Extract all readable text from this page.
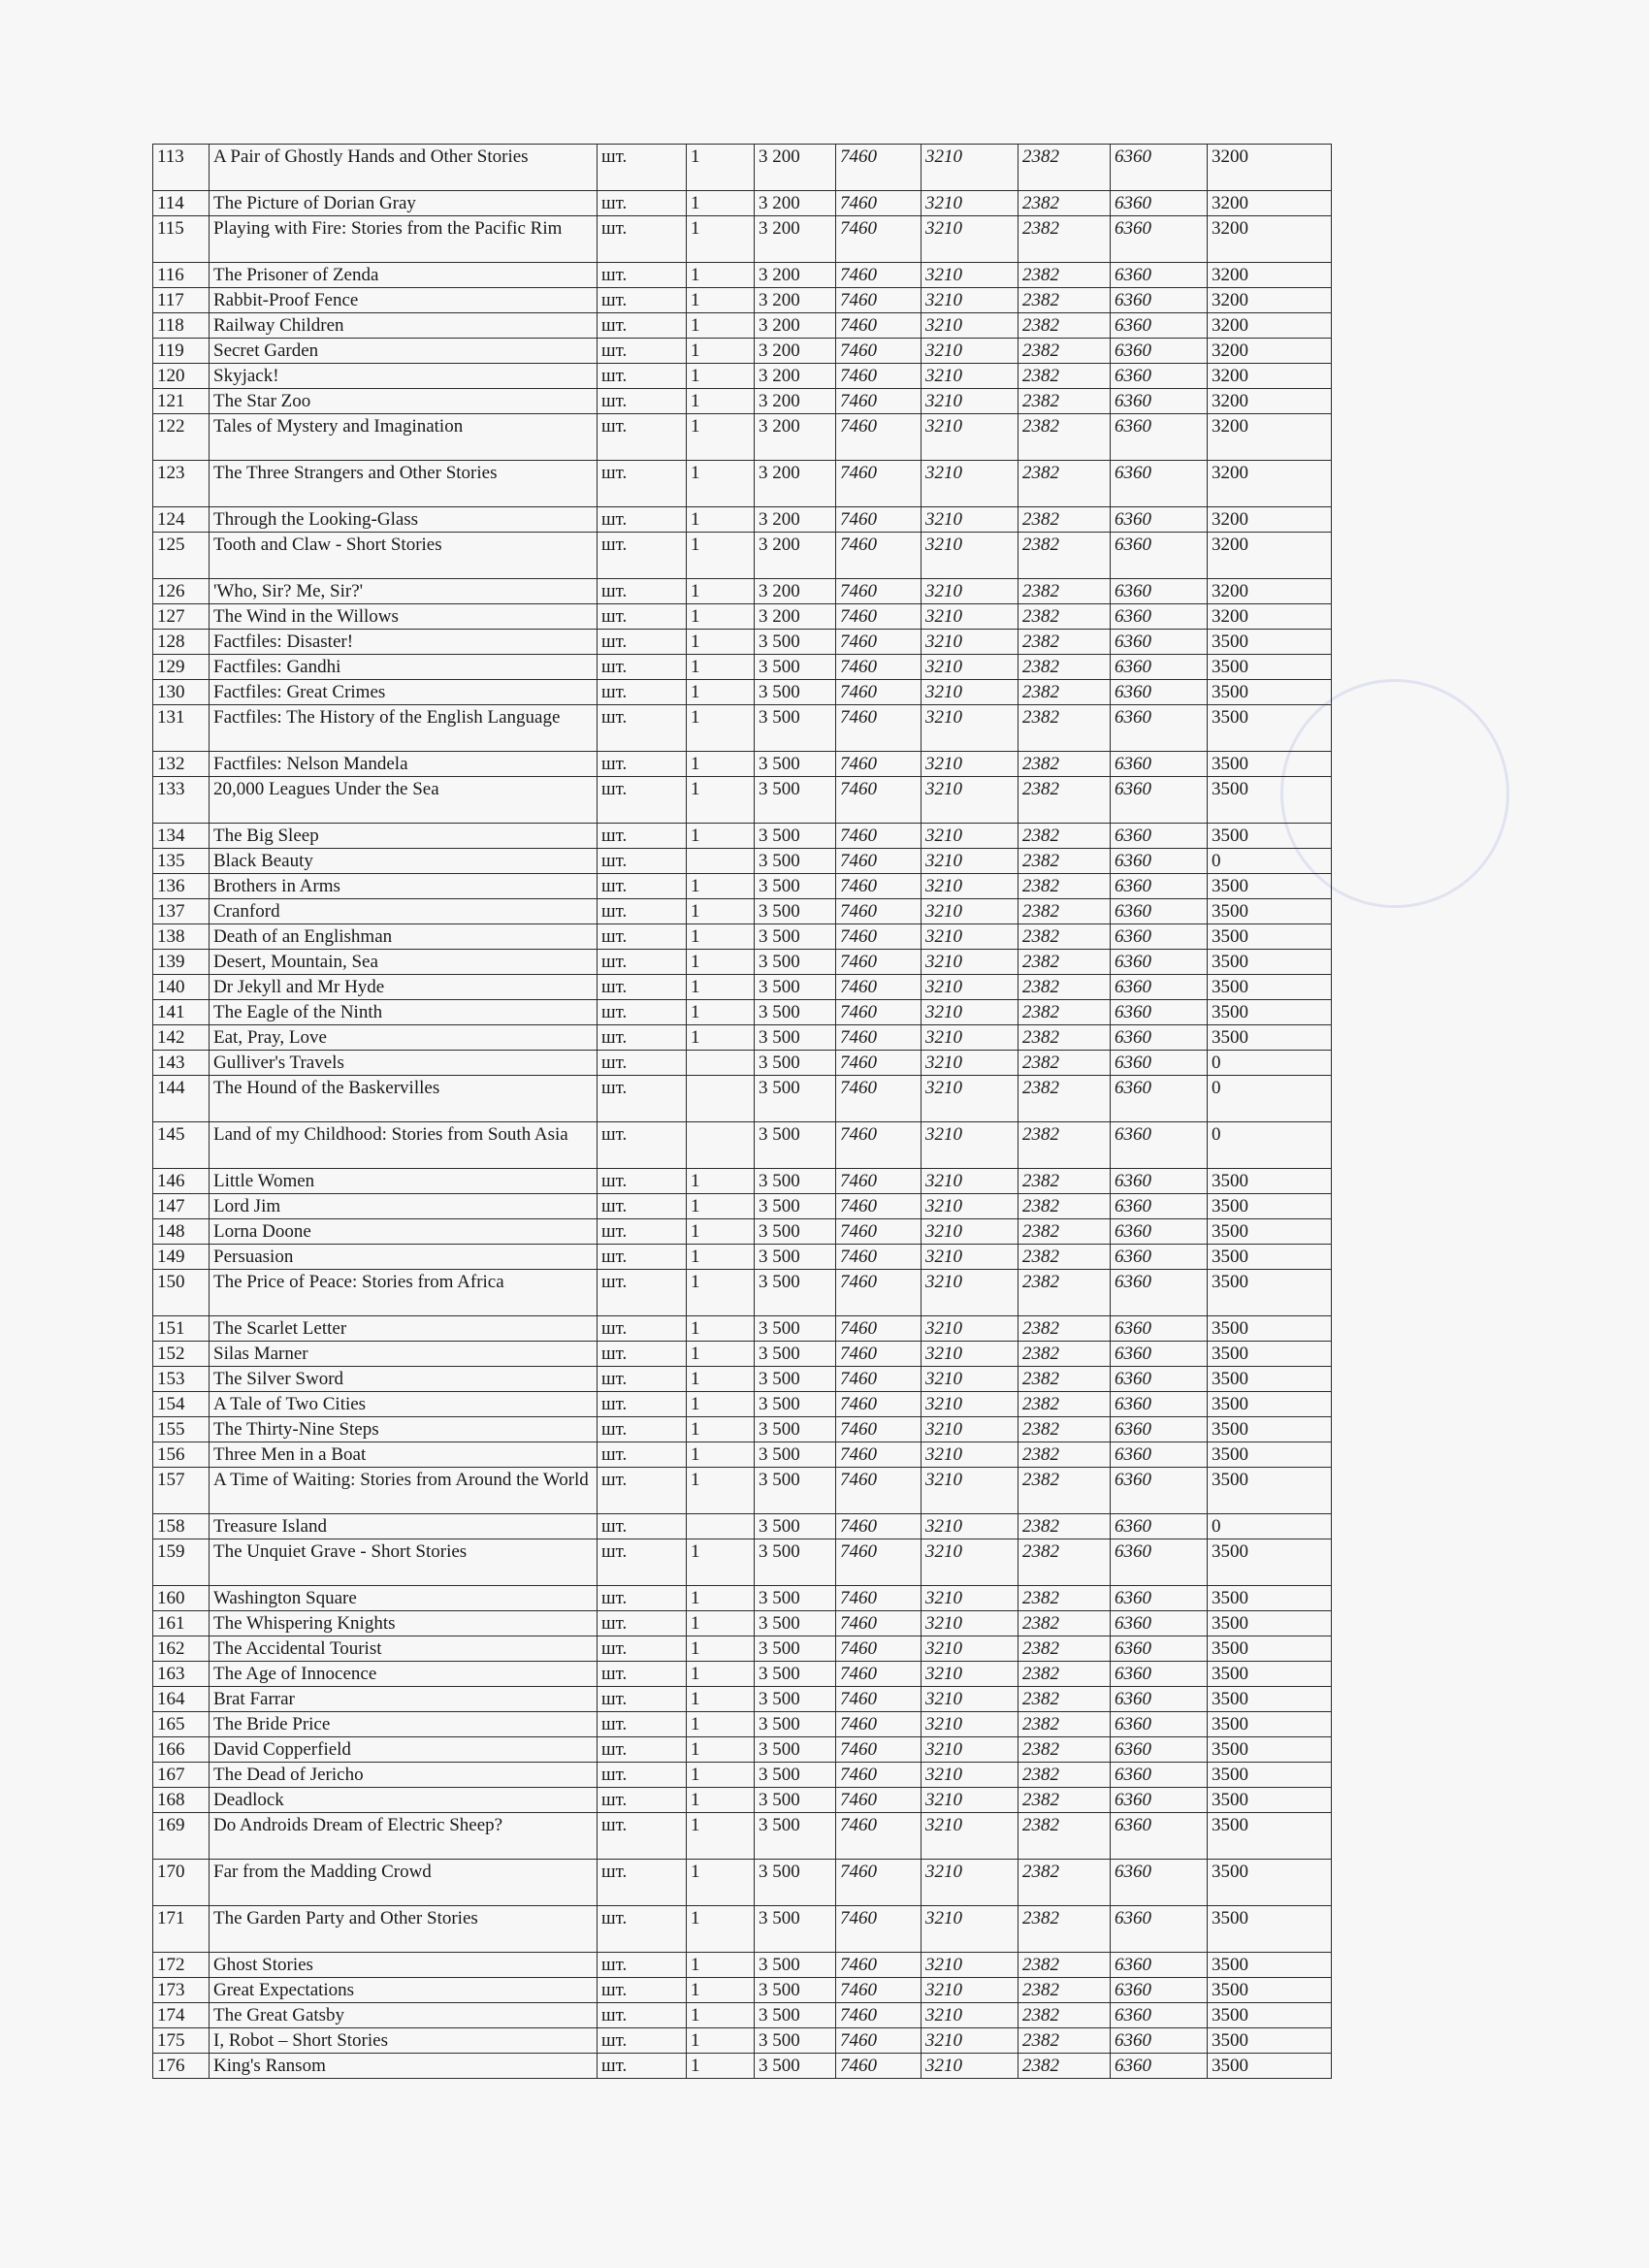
113	A Pair of Ghostly Hands and Other Stories	шт.	1	3 200	7460	3210	2382	6360	3200
114	The Picture of Dorian Gray	шт.	1	3 200	7460	3210	2382	6360	3200
115	Playing with Fire: Stories from the Pacific Rim	шт.	1	3 200	7460	3210	2382	6360	3200
116	The Prisoner of Zenda	шт.	1	3 200	7460	3210	2382	6360	3200
117	Rabbit-Proof Fence	шт.	1	3 200	7460	3210	2382	6360	3200
118	Railway Children	шт.	1	3 200	7460	3210	2382	6360	3200
119	Secret Garden	шт.	1	3 200	7460	3210	2382	6360	3200
120	Skyjack!	шт.	1	3 200	7460	3210	2382	6360	3200
121	The Star Zoo	шт.	1	3 200	7460	3210	2382	6360	3200
122	Tales of Mystery and Imagination	шт.	1	3 200	7460	3210	2382	6360	3200
123	The Three Strangers and Other Stories	шт.	1	3 200	7460	3210	2382	6360	3200
124	Through the Looking-Glass	шт.	1	3 200	7460	3210	2382	6360	3200
125	Tooth and Claw - Short Stories	шт.	1	3 200	7460	3210	2382	6360	3200
126	'Who, Sir? Me, Sir?'	шт.	1	3 200	7460	3210	2382	6360	3200
127	The Wind in the Willows	шт.	1	3 200	7460	3210	2382	6360	3200
128	Factfiles: Disaster!	шт.	1	3 500	7460	3210	2382	6360	3500
129	Factfiles: Gandhi	шт.	1	3 500	7460	3210	2382	6360	3500
130	Factfiles: Great Crimes	шт.	1	3 500	7460	3210	2382	6360	3500
131	Factfiles: The History of the English Language	шт.	1	3 500	7460	3210	2382	6360	3500
132	Factfiles: Nelson Mandela	шт.	1	3 500	7460	3210	2382	6360	3500
133	20,000 Leagues Under the Sea	шт.	1	3 500	7460	3210	2382	6360	3500
134	The Big Sleep	шт.	1	3 500	7460	3210	2382	6360	3500
135	Black Beauty	шт.		3 500	7460	3210	2382	6360	0
136	Brothers in Arms	шт.	1	3 500	7460	3210	2382	6360	3500
137	Cranford	шт.	1	3 500	7460	3210	2382	6360	3500
138	Death of an Englishman	шт.	1	3 500	7460	3210	2382	6360	3500
139	Desert, Mountain, Sea	шт.	1	3 500	7460	3210	2382	6360	3500
140	Dr Jekyll and Mr Hyde	шт.	1	3 500	7460	3210	2382	6360	3500
141	The Eagle of the Ninth	шт.	1	3 500	7460	3210	2382	6360	3500
142	Eat, Pray, Love	шт.	1	3 500	7460	3210	2382	6360	3500
143	Gulliver's Travels	шт.		3 500	7460	3210	2382	6360	0
144	The Hound of the Baskervilles	шт.		3 500	7460	3210	2382	6360	0
145	Land of my Childhood: Stories from South Asia	шт.		3 500	7460	3210	2382	6360	0
146	Little Women	шт.	1	3 500	7460	3210	2382	6360	3500
147	Lord Jim	шт.	1	3 500	7460	3210	2382	6360	3500
148	Lorna Doone	шт.	1	3 500	7460	3210	2382	6360	3500
149	Persuasion	шт.	1	3 500	7460	3210	2382	6360	3500
150	The Price of Peace: Stories from Africa	шт.	1	3 500	7460	3210	2382	6360	3500
151	The Scarlet Letter	шт.	1	3 500	7460	3210	2382	6360	3500
152	Silas Marner	шт.	1	3 500	7460	3210	2382	6360	3500
153	The Silver Sword	шт.	1	3 500	7460	3210	2382	6360	3500
154	A Tale of Two Cities	шт.	1	3 500	7460	3210	2382	6360	3500
155	The Thirty-Nine Steps	шт.	1	3 500	7460	3210	2382	6360	3500
156	Three Men in a Boat	шт.	1	3 500	7460	3210	2382	6360	3500
157	A Time of Waiting: Stories from Around the World	шт.	1	3 500	7460	3210	2382	6360	3500
158	Treasure Island	шт.		3 500	7460	3210	2382	6360	0
159	The Unquiet Grave - Short Stories	шт.	1	3 500	7460	3210	2382	6360	3500
160	Washington Square	шт.	1	3 500	7460	3210	2382	6360	3500
161	The Whispering Knights	шт.	1	3 500	7460	3210	2382	6360	3500
162	The Accidental Tourist	шт.	1	3 500	7460	3210	2382	6360	3500
163	The Age of Innocence	шт.	1	3 500	7460	3210	2382	6360	3500
164	Brat Farrar	шт.	1	3 500	7460	3210	2382	6360	3500
165	The Bride Price	шт.	1	3 500	7460	3210	2382	6360	3500
166	David Copperfield	шт.	1	3 500	7460	3210	2382	6360	3500
167	The Dead of Jericho	шт.	1	3 500	7460	3210	2382	6360	3500
168	Deadlock	шт.	1	3 500	7460	3210	2382	6360	3500
169	Do Androids Dream of Electric Sheep?	шт.	1	3 500	7460	3210	2382	6360	3500
170	Far from the Madding Crowd	шт.	1	3 500	7460	3210	2382	6360	3500
171	The Garden Party and Other Stories	шт.	1	3 500	7460	3210	2382	6360	3500
172	Ghost Stories	шт.	1	3 500	7460	3210	2382	6360	3500
173	Great Expectations	шт.	1	3 500	7460	3210	2382	6360	3500
174	The Great Gatsby	шт.	1	3 500	7460	3210	2382	6360	3500
175	I, Robot – Short Stories	шт.	1	3 500	7460	3210	2382	6360	3500
176	King's Ransom	шт.	1	3 500	7460	3210	2382	6360	3500
